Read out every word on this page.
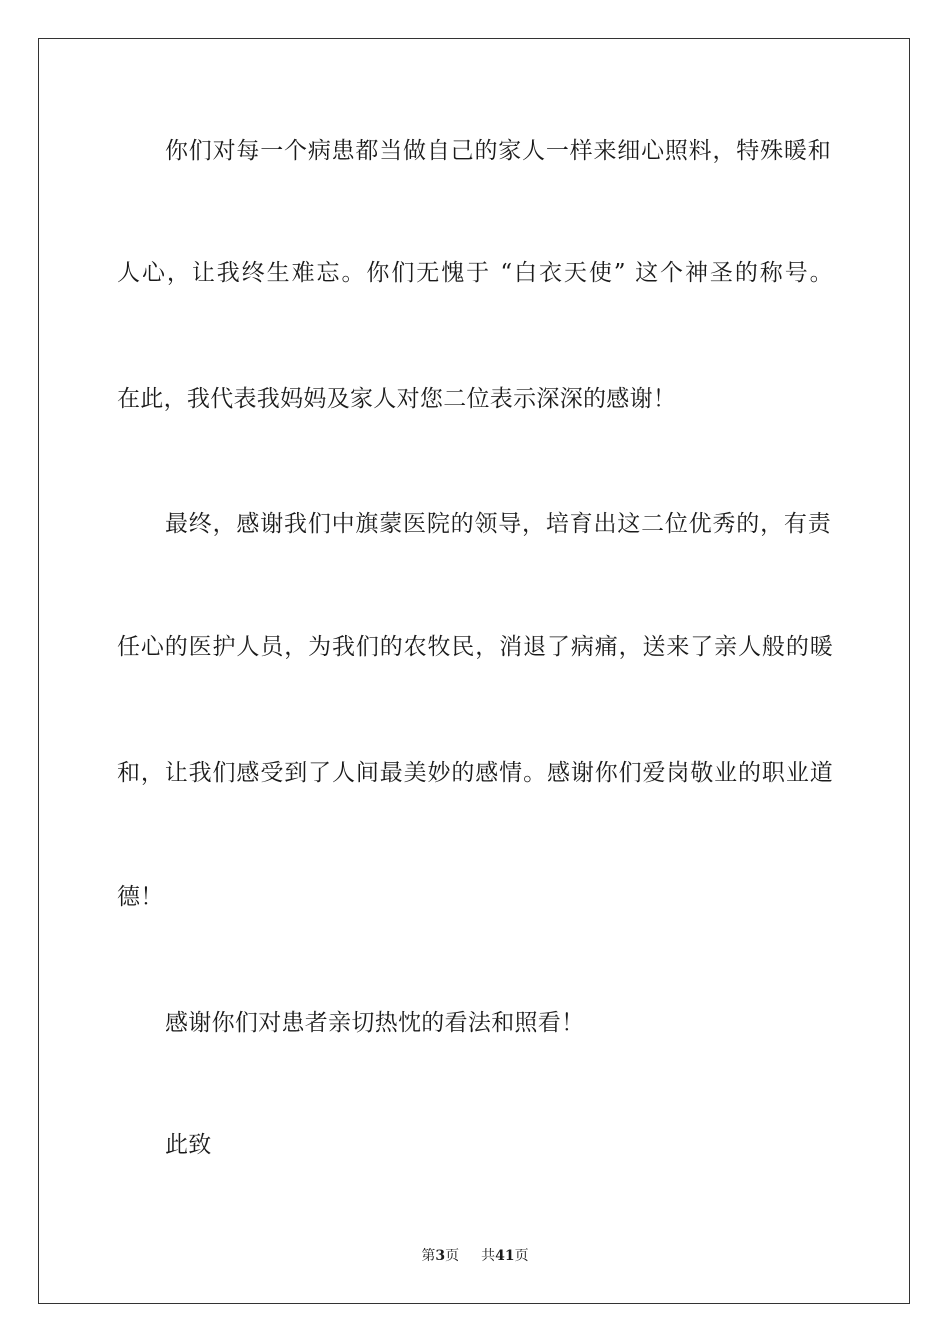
你们对每一个病患都当做自己的家人一样来细心照料，特殊暖和
人心，让我终生难忘。你们无愧于 “白衣天使” 这个神圣的称号。
在此，我代表我妈妈及家人对您二位表示深深的感谢！
最终，感谢我们中旗蒙医院的领导，培育出这二位优秀的，有责
任心的医护人员，为我们的农牧民，消退了病痛，送来了亲人般的暖
和，让我们感受到了人间最美妙的感情。感谢你们爱岗敬业的职业道
德！
感谢你们对患者亲切热忱的看法和照看！
此致
第3页 共41页
